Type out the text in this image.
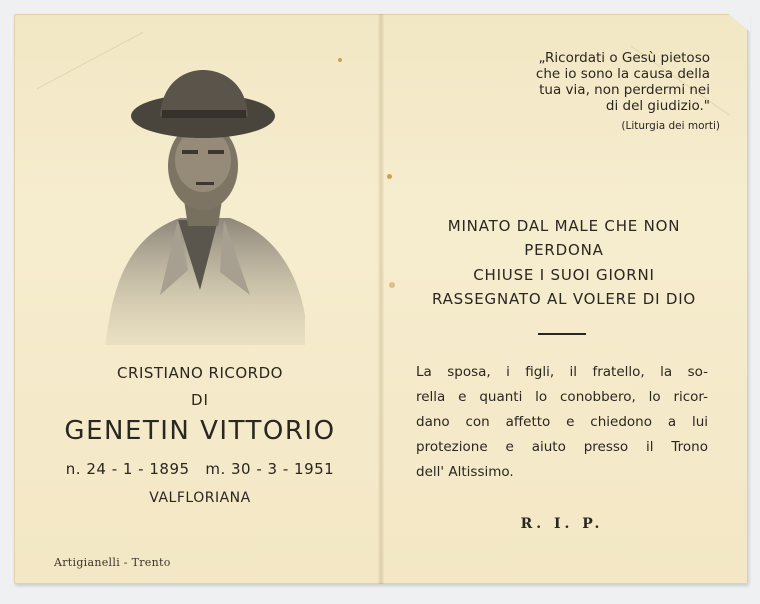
CRISTIANO RICORDO
DI
GENETIN VITTORIO
n. 24 - 1 - 1895   m. 30 - 3 - 1951
VALFLORIANA
Artigianelli - Trento
„Ricordati o Gesù pietoso
che io sono la causa della
tua via, non perdermi nei
di del giudizio."
(Liturgia dei morti)
MINATO DAL MALE CHE NON
PERDONA
CHIUSE I SUOI GIORNI
RASSEGNATO AL VOLERE DI DIO
La sposa, i figli, il fratello, la so-
rella e quanti lo conobbero, lo ricor-
dano con affetto e chiedono a lui
protezione e aiuto presso il Trono
dell' Altissimo.
R. I. P.
